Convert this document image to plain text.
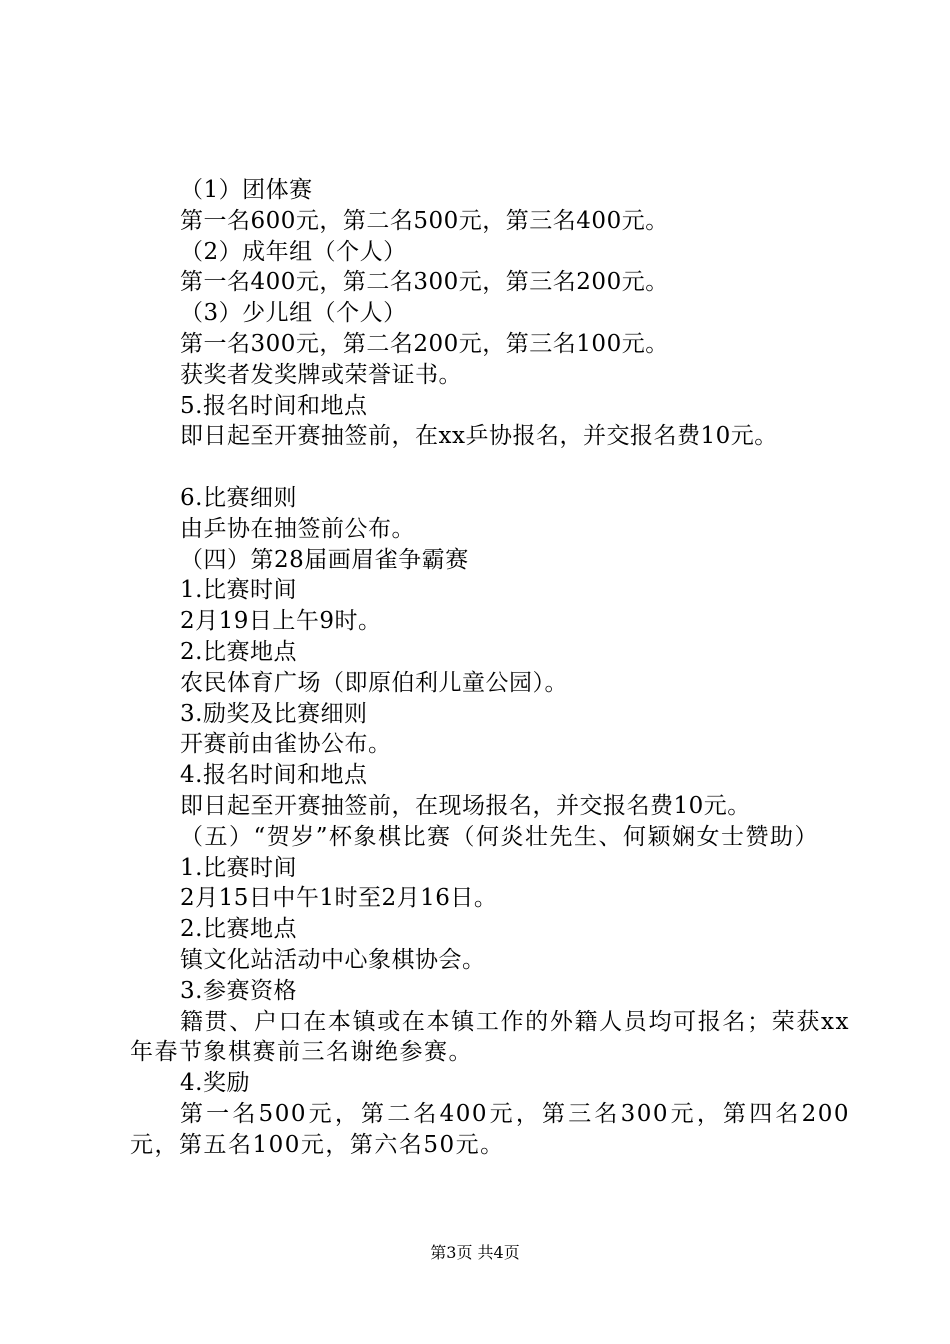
（1）团体赛
第一名600元，第二名500元，第三名400元。
（2）成年组（个人）
第一名400元，第二名300元，第三名200元。
（3）少儿组（个人）
第一名300元，第二名200元，第三名100元。
获奖者发奖牌或荣誉证书。
5.报名时间和地点
即日起至开赛抽签前，在xx乒协报名，并交报名费10元。
6.比赛细则
由乒协在抽签前公布。
（四）第28届画眉雀争霸赛
1.比赛时间
2月19日上午9时。
2.比赛地点
农民体育广场（即原伯利儿童公园）。
3.励奖及比赛细则
开赛前由雀协公布。
4.报名时间和地点
即日起至开赛抽签前，在现场报名，并交报名费10元。
（五）“贺岁”杯象棋比赛（何炎壮先生、何颖娴女士赞助）
1.比赛时间
2月15日中午1时至2月16日。
2.比赛地点
镇文化站活动中心象棋协会。
3.参赛资格
籍贯、户口在本镇或在本镇工作的外籍人员均可报名；荣获xx年春节象棋赛前三名谢绝参赛。
4.奖励
第一名500元，第二名400元，第三名300元，第四名200元，第五名100元，第六名50元。
第3页 共4页
